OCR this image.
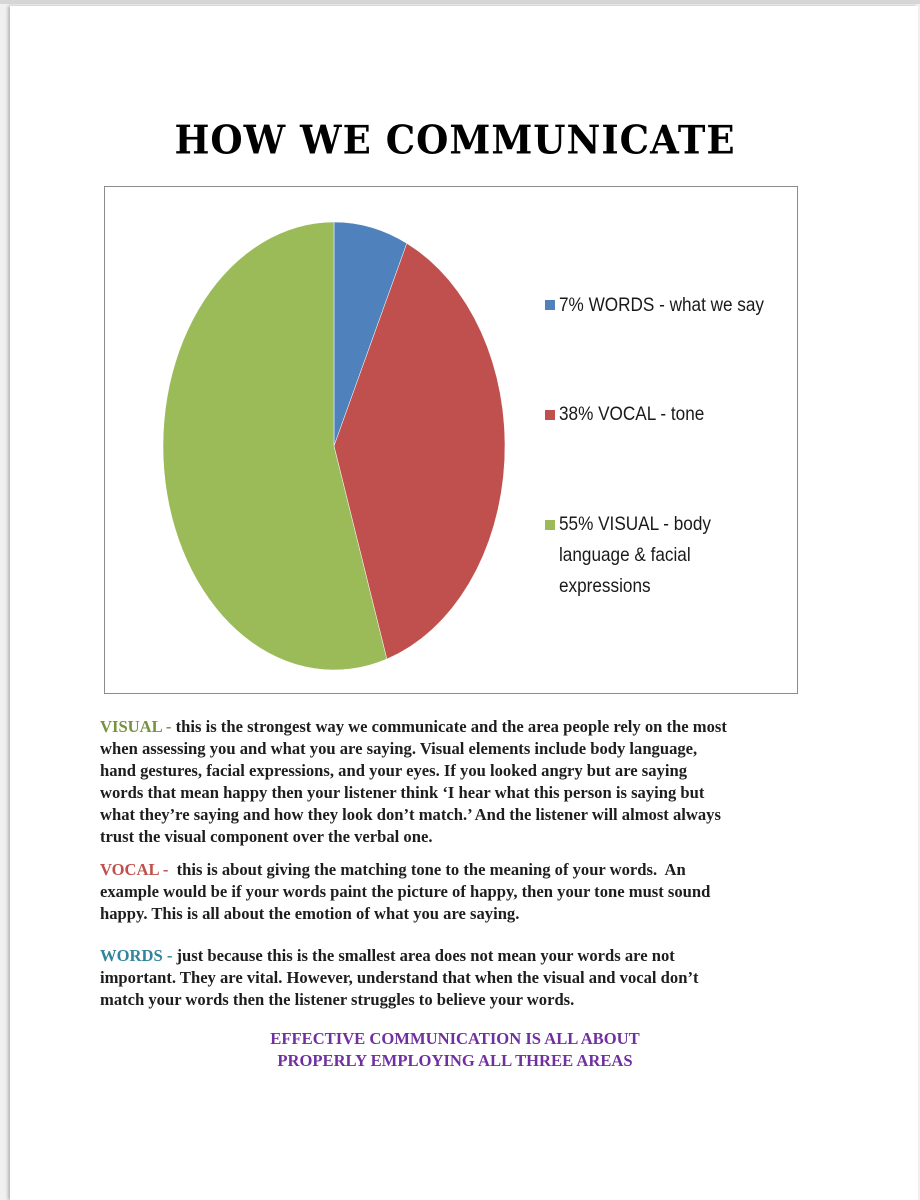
HOW WE COMMUNICATE
7% WORDS - what we say
38% VOCAL - tone
55% VISUAL - body
language & facial
expressions
VISUAL - this is the strongest way we communicate and the area people rely on the most
when assessing you and what you are saying. Visual elements include body language,
hand gestures, facial expressions, and your eyes. If you looked angry but are saying
words that mean happy then your listener think ‘I hear what this person is saying but
what they’re saying and how they look don’t match.’ And the listener will almost always
trust the visual component over the verbal one.
VOCAL -  this is about giving the matching tone to the meaning of your words.  An
example would be if your words paint the picture of happy, then your tone must sound
happy. This is all about the emotion of what you are saying.
WORDS - just because this is the smallest area does not mean your words are not
important. They are vital. However, understand that when the visual and vocal don’t
match your words then the listener struggles to believe your words.
EFFECTIVE COMMUNICATION IS ALL ABOUT
PROPERLY EMPLOYING ALL THREE AREAS
